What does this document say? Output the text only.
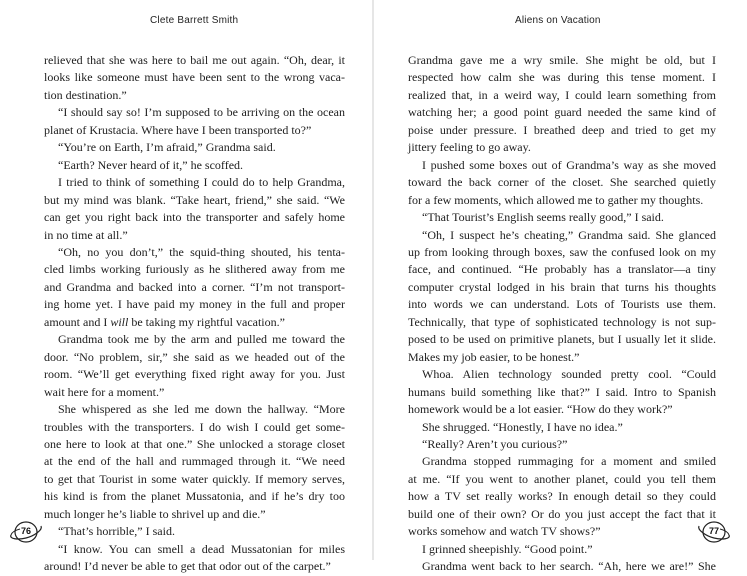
Clete Barrett Smith
relieved that she was here to bail me out again. “Oh, dear, it
looks like someone must have been sent to the wrong vaca-
tion destination.”
“I should say so! I’m supposed to be arriving on the ocean
planet of Krustacia. Where have I been transported to?”
“You’re on Earth, I’m afraid,” Grandma said.
“Earth? Never heard of it,” he scoffed.
I tried to think of something I could do to help Grandma,
but my mind was blank. “Take heart, friend,” she said. “We
can get you right back into the transporter and safely home
in no time at all.”
“Oh, no you don’t,” the squid-thing shouted, his tenta-
cled limbs working furiously as he slithered away from me
and Grandma and backed into a corner. “I’m not transport-
ing home yet. I have paid my money in the full and proper
amount and I will be taking my rightful vacation.”
Grandma took me by the arm and pulled me toward the
door. “No problem, sir,” she said as we headed out of the
room. “We’ll get everything fixed right away for you. Just
wait here for a moment.”
She whispered as she led me down the hallway. “More
troubles with the transporters. I do wish I could get some-
one here to look at that one.” She unlocked a storage closet
at the end of the hall and rummaged through it. “We need
to get that Tourist in some water quickly. If memory serves,
his kind is from the planet Mussatonia, and if he’s dry too
much longer he’s liable to shrivel up and die.”
“That’s horrible,” I said.
“I know. You can smell a dead Mussatonian for miles
around! I’d never be able to get that odor out of the carpet.”
76
Aliens on Vacation
Grandma gave me a wry smile. She might be old, but I
respected how calm she was during this tense moment. I
realized that, in a weird way, I could learn something from
watching her; a good point guard needed the same kind of
poise under pressure. I breathed deep and tried to get my
jittery feeling to go away.
I pushed some boxes out of Grandma’s way as she moved
toward the back corner of the closet. She searched quietly
for a few moments, which allowed me to gather my thoughts.
“That Tourist’s English seems really good,” I said.
“Oh, I suspect he’s cheating,” Grandma said. She glanced
up from looking through boxes, saw the confused look on my
face, and continued. “He probably has a translator—a tiny
computer crystal lodged in his brain that turns his thoughts
into words we can understand. Lots of Tourists use them.
Technically, that type of sophisticated technology is not sup-
posed to be used on primitive planets, but I usually let it slide.
Makes my job easier, to be honest.”
Whoa. Alien technology sounded pretty cool. “Could
humans build something like that?” I said. Intro to Spanish
homework would be a lot easier. “How do they work?”
She shrugged. “Honestly, I have no idea.”
“Really? Aren’t you curious?”
Grandma stopped rummaging for a moment and smiled
at me. “If you went to another planet, could you tell them
how a TV set really works? In enough detail so they could
build one of their own? Or do you just accept the fact that it
works somehow and watch TV shows?”
I grinned sheepishly. “Good point.”
Grandma went back to her search. “Ah, here we are!” She
77
